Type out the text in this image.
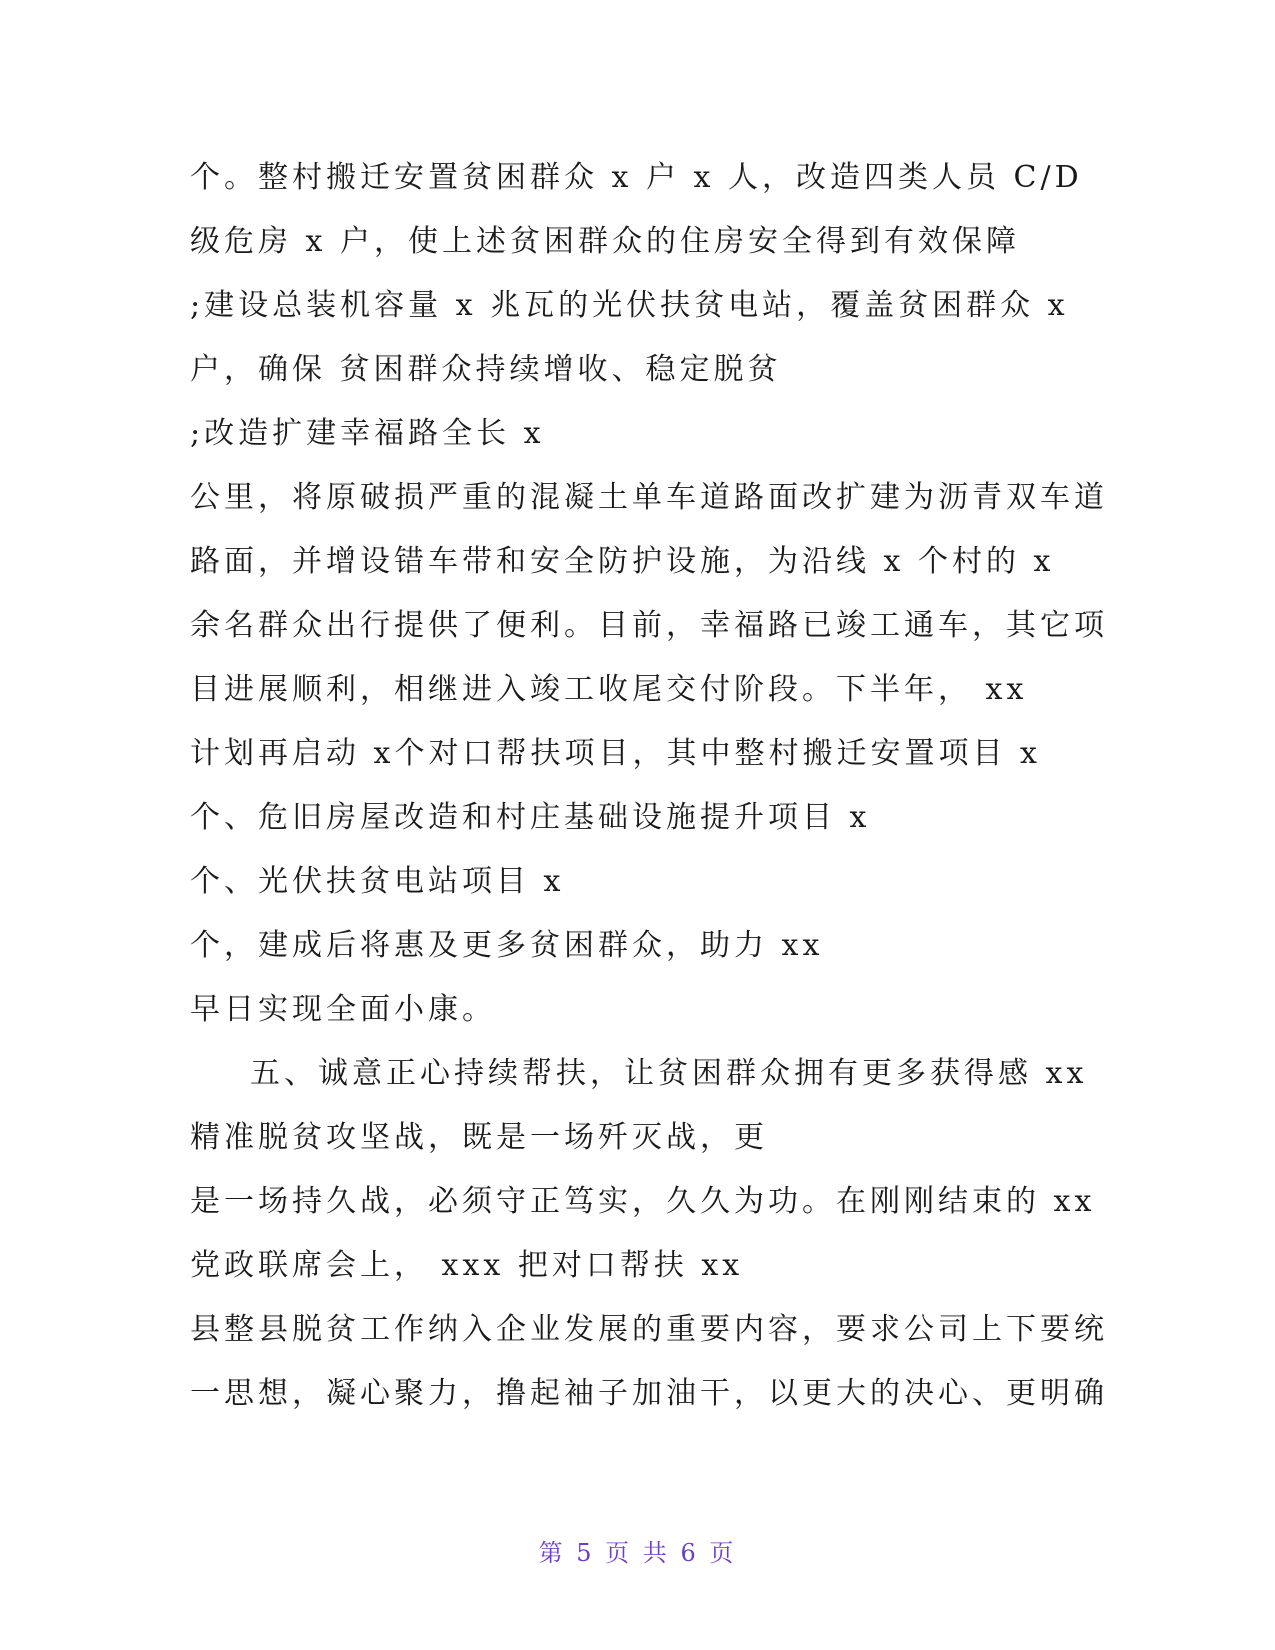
个。整村搬迁安置贫困群众 x 户 x 人，改造四类人员 C/D
级危房 x 户，使上述贫困群众的住房安全得到有效保障
;建设总装机容量 x 兆瓦的光伏扶贫电站，覆盖贫困群众 x
户，确保 贫困群众持续增收、稳定脱贫
;改造扩建幸福路全长 x
公里，将原破损严重的混凝土单车道路面改扩建为沥青双车道
路面，并增设错车带和安全防护设施，为沿线 x 个村的 x
余名群众出行提供了便利。目前，幸福路已竣工通车，其它项
目进展顺利，相继进入竣工收尾交付阶段。下半年， xx
计划再启动 x个对口帮扶项目，其中整村搬迁安置项目 x
个、危旧房屋改造和村庄基础设施提升项目 x
个、光伏扶贫电站项目 x
个，建成后将惠及更多贫困群众，助力 xx
早日实现全面小康。
五、诚意正心持续帮扶，让贫困群众拥有更多获得感 xx
精准脱贫攻坚战，既是一场歼灭战，更
是一场持久战，必须守正笃实，久久为功。在刚刚结束的 xx
党政联席会上， xxx 把对口帮扶 xx
县整县脱贫工作纳入企业发展的重要内容，要求公司上下要统
一思想，凝心聚力，撸起袖子加油干，以更大的决心、更明确
第 5 页 共 6 页
